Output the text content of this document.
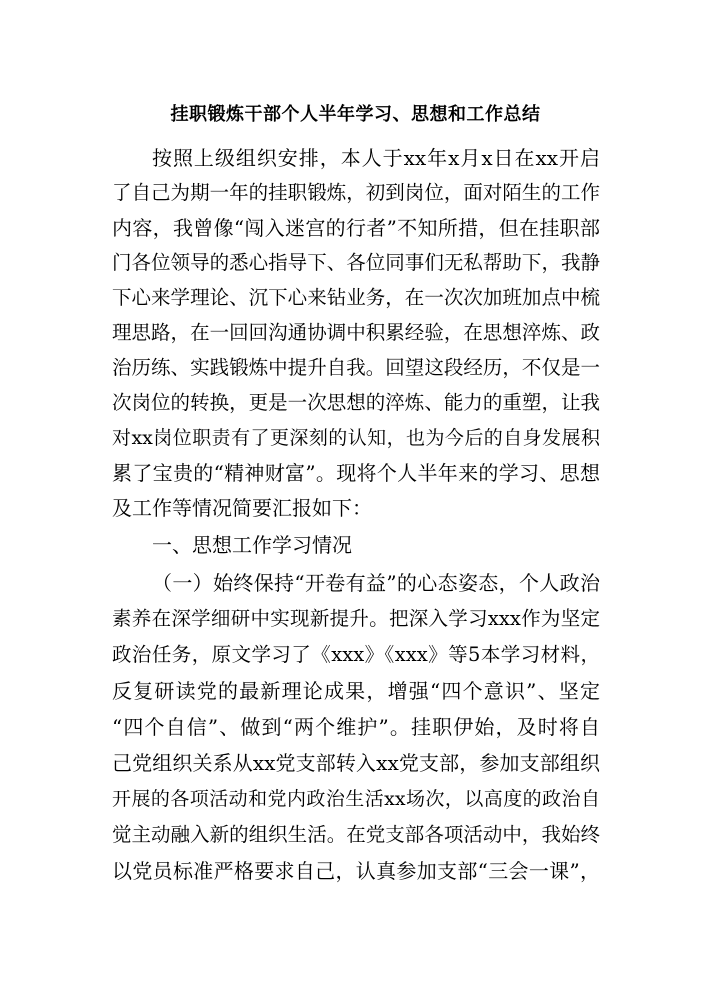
挂职锻炼干部个人半年学习、思想和工作总结
按照上级组织安排，本人于xx年x月x日在xx开启
了自己为期一年的挂职锻炼，初到岗位，面对陌生的工作
内容，我曾像“闯入迷宫的行者”不知所措，但在挂职部
门各位领导的悉心指导下、各位同事们无私帮助下，我静
下心来学理论、沉下心来钻业务，在一次次加班加点中梳
理思路，在一回回沟通协调中积累经验，在思想淬炼、政
治历练、实践锻炼中提升自我。回望这段经历，不仅是一
次岗位的转换，更是一次思想的淬炼、能力的重塑，让我
对xx岗位职责有了更深刻的认知，也为今后的自身发展积
累了宝贵的“精神财富”。现将个人半年来的学习、思想
及工作等情况简要汇报如下：
一、思想工作学习情况
（一）始终保持“开卷有益”的心态姿态，个人政治
素养在深学细研中实现新提升。把深入学习xxx作为坚定
政治任务，原文学习了《xxx》《xxx》等5本学习材料，
反复研读党的最新理论成果，增强“四个意识”、坚定
“四个自信”、做到“两个维护”。挂职伊始，及时将自
己党组织关系从xx党支部转入xx党支部，参加支部组织
开展的各项活动和党内政治生活xx场次，以高度的政治自
觉主动融入新的组织生活。在党支部各项活动中，我始终
以党员标准严格要求自己，认真参加支部“三会一课”，
